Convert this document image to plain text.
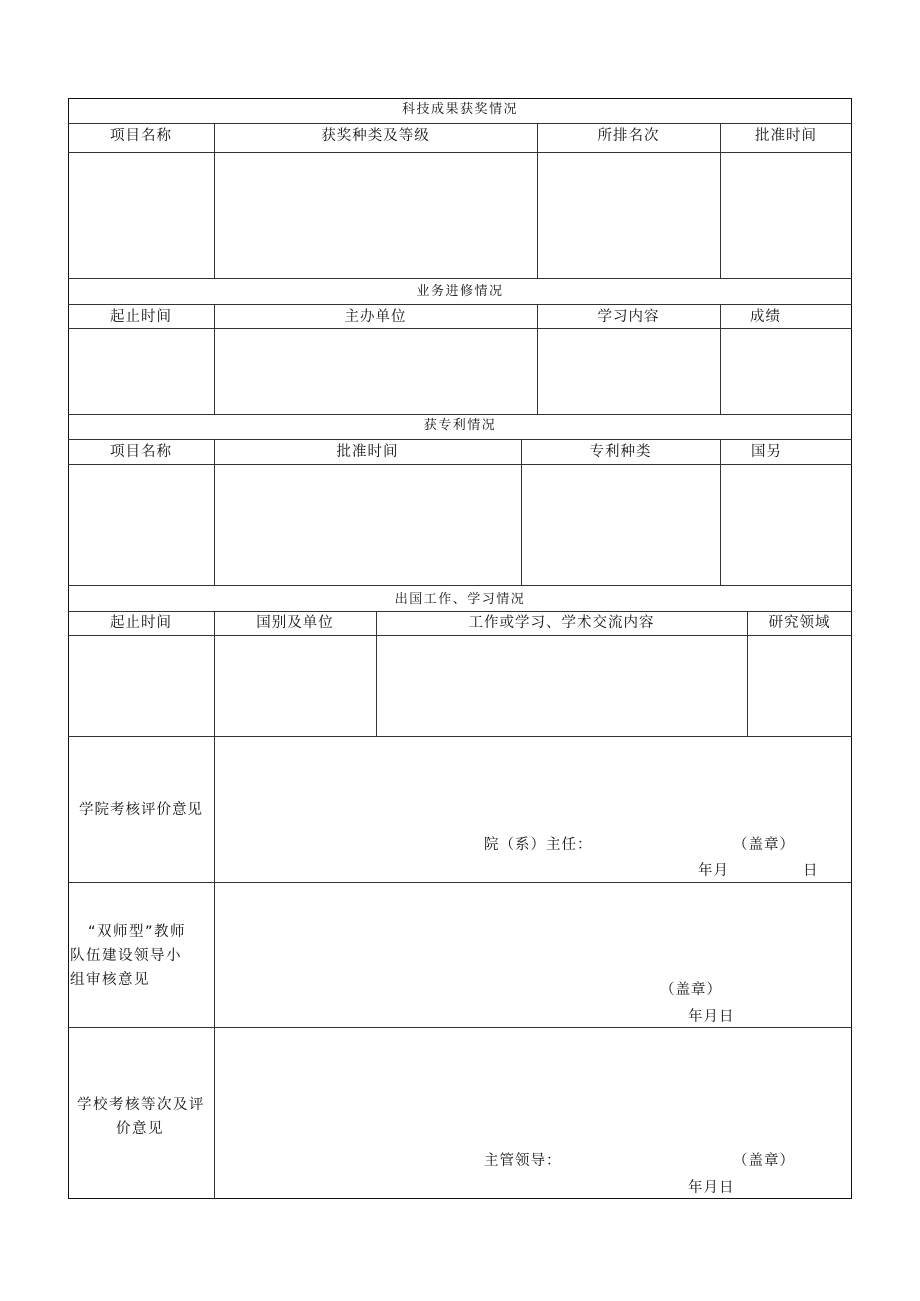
科技成果获奖情况
项目名称	获奖种类及等级	所排名次	批准时间
业务进修情况
起止时间	主办单位	学习内容	成绩
获专利情况
项目名称	批准时间	专利种类	国另
出国工作、学习情况
起止时间	国别及单位	工作或学习、学术交流内容	研究领域
学院考核评价意见
院（系）主任：	（盖章）
年月	日
“双师型”教师
队伍建设领导小
组审核意见
（盖章）
年月日
学校考核等次及评
价意见
主管领导：	（盖章）
年月日
